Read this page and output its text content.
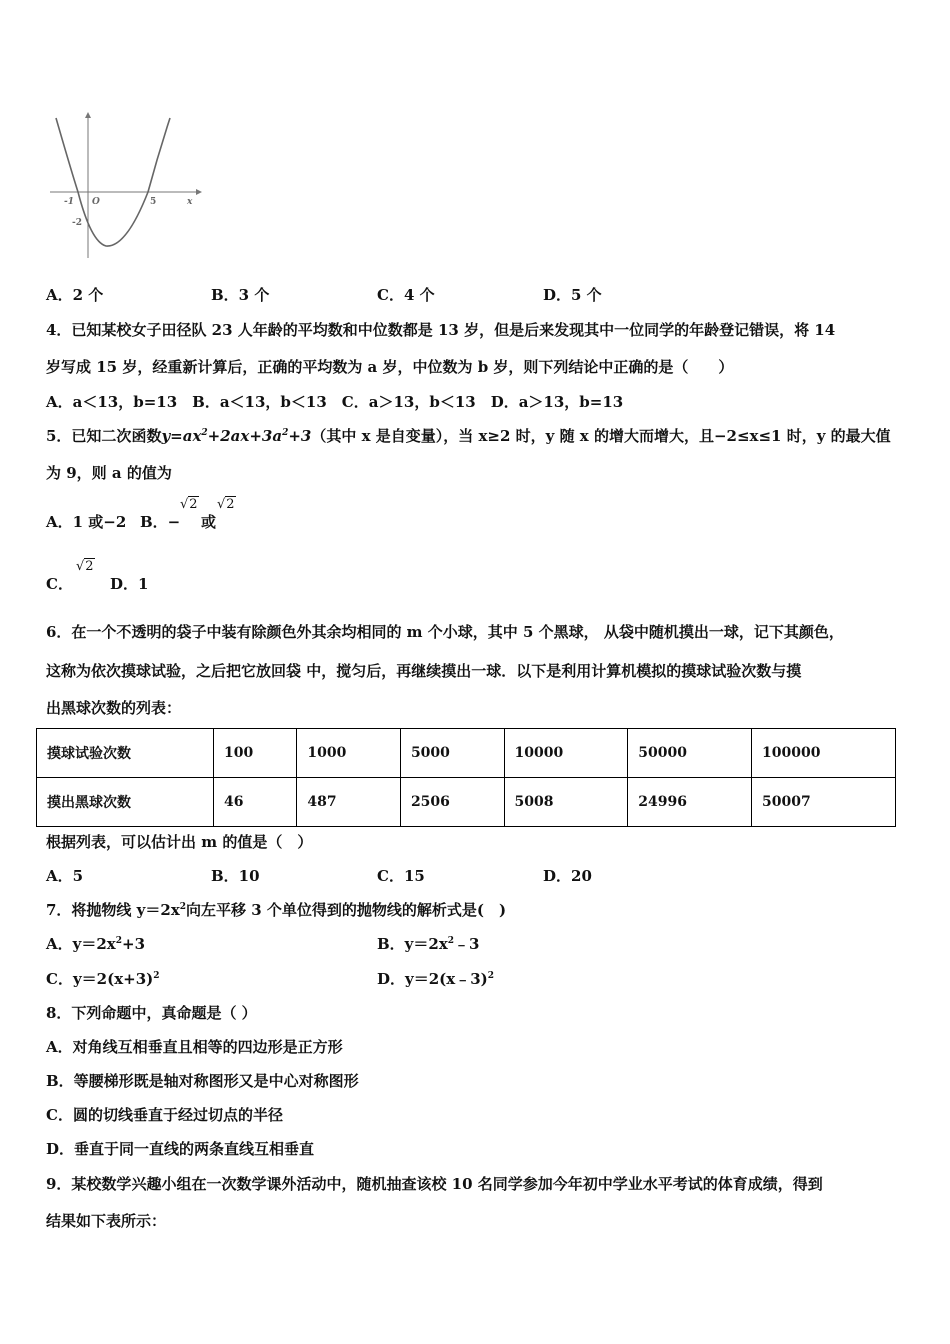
-1 O	5	x
-2
A．2 个	B．3 个	C．4 个	D．5 个
4．已知某校女子田径队 23 人年龄的平均数和中位数都是 13 岁，但是后来发现其中一位同学的年龄登记错误，将 14
岁写成 15 岁，经重新计算后，正确的平均数为 a 岁，中位数为 b 岁，则下列结论中正确的是（　　）
A．a＜13，b=13　B．a＜13，b＜13　C．a＞13，b＜13　D．a＞13，b=13
5．已知二次函数$y=ax^2+2ax+3a^2+3$（其中 x 是自变量），当 x≥2 时，y 随 x 的增大而增大，且−2≤x≤1 时，y 的最大值
为 9，则 a 的值为
A．1 或−2 B．−
√2
或
√2
C．
√2
D．1
6．在一个不透明的袋子中装有除颜色外其余均相同的 m 个小球，其中 5 个黑球， 从袋中随机摸出一球，记下其颜色，
这称为依次摸球试验，之后把它放回袋 中，搅匀后，再继续摸出一球．以下是利用计算机模拟的摸球试验次数与摸
出黑球次数的列表：
摸球试验次数	100	1000	5000	10000	50000	100000
摸出黑球次数	46	487	2506	5008	24996	50007
根据列表，可以估计出 m 的值是（　）
A．5	B．10	C．15	D．20
7．将抛物线 $y=2x^2$向左平移 3 个单位得到的抛物线的解析式是(　)
A．$y=2x^2+3$	B．$y=2x^2﹣3$
C．$y=2(x+3)^2$	D．y＝2(x﹣3)$^2$
8．下列命题中，真命题是（ ）
A．对角线互相垂直且相等的四边形是正方形
B．等腰梯形既是轴对称图形又是中心对称图形
C．圆的切线垂直于经过切点的半径
D．垂直于同一直线的两条直线互相垂直
9．某校数学兴趣小组在一次数学课外活动中，随机抽查该校 10 名同学参加今年初中学业水平考试的体育成绩，得到
结果如下表所示：
